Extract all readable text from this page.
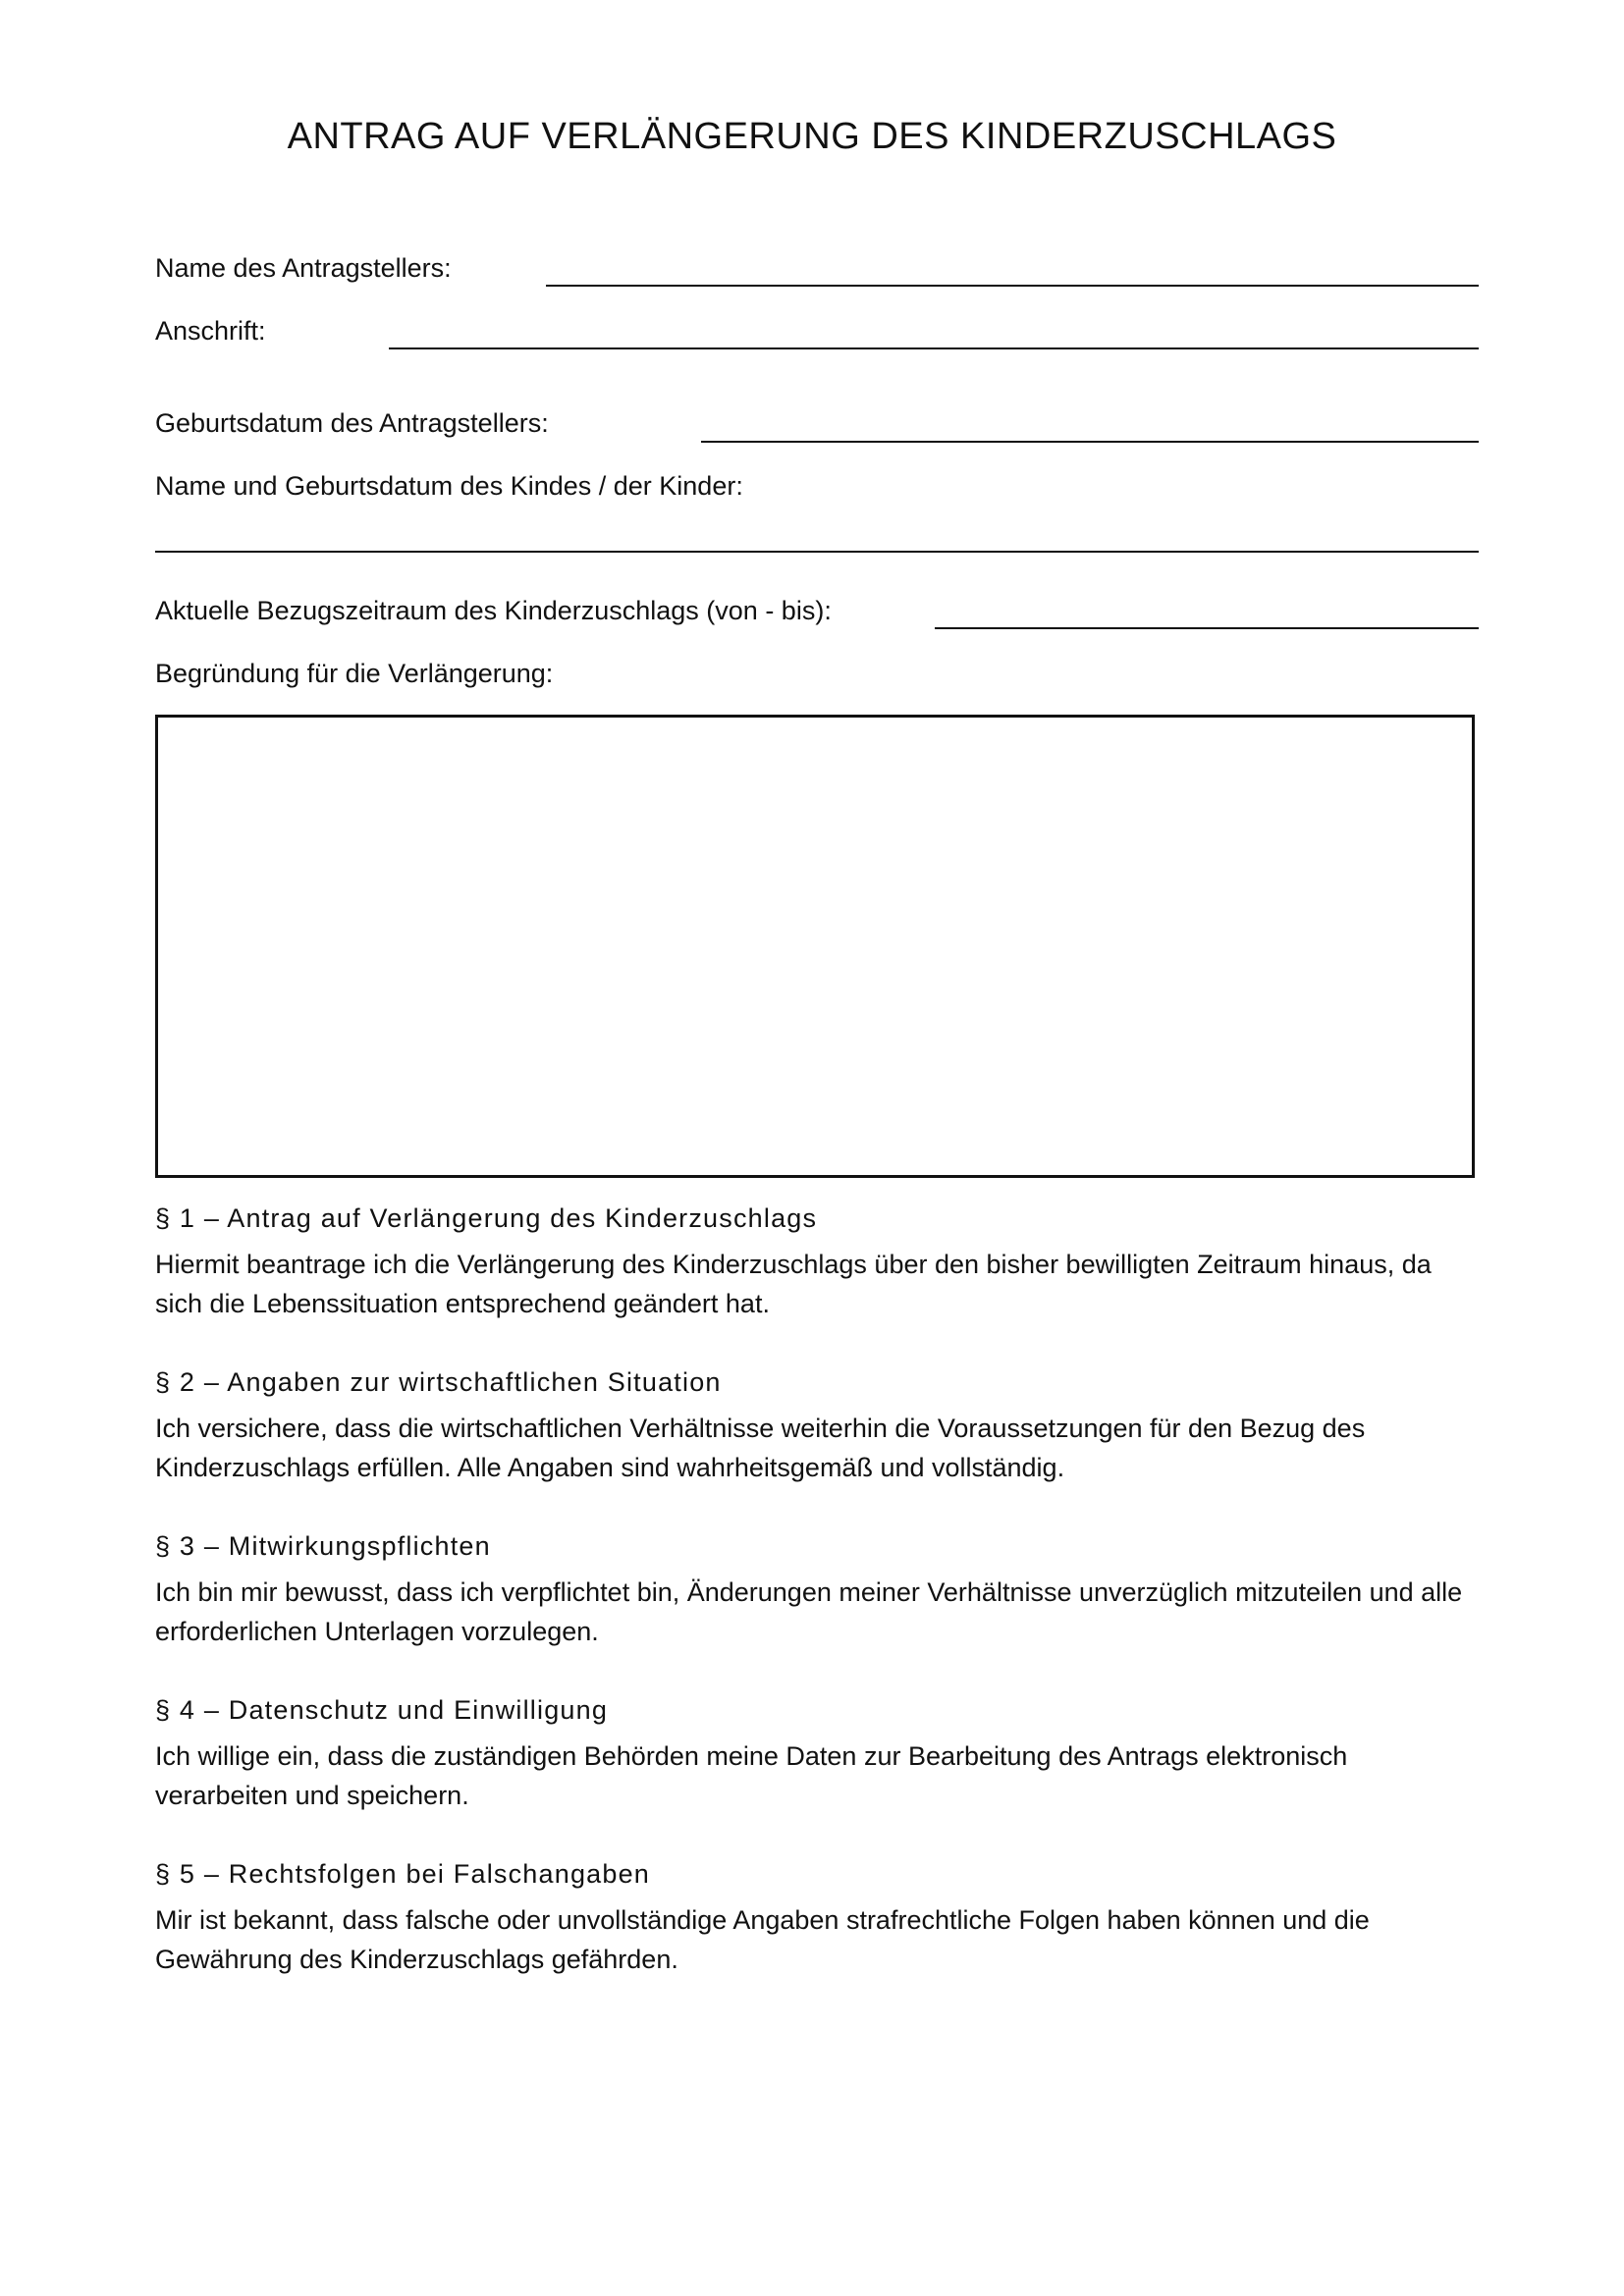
ANTRAG AUF VERLÄNGERUNG DES KINDERZUSCHLAGS
Name des Antragstellers:
Anschrift:
Geburtsdatum des Antragstellers:
Name und Geburtsdatum des Kindes / der Kinder:
Aktuelle Bezugszeitraum des Kinderzuschlags (von - bis):
Begründung für die Verlängerung:
§ 1 – Antrag auf Verlängerung des Kinderzuschlags
Hiermit beantrage ich die Verlängerung des Kinderzuschlags über den bisher bewilligten Zeitraum hinaus, da sich die Lebenssituation entsprechend geändert hat.
§ 2 – Angaben zur wirtschaftlichen Situation
Ich versichere, dass die wirtschaftlichen Verhältnisse weiterhin die Voraussetzungen für den Bezug des Kinderzuschlags erfüllen. Alle Angaben sind wahrheitsgemäß und vollständig.
§ 3 – Mitwirkungspflichten
Ich bin mir bewusst, dass ich verpflichtet bin, Änderungen meiner Verhältnisse unverzüglich mitzuteilen und alle erforderlichen Unterlagen vorzulegen.
§ 4 – Datenschutz und Einwilligung
Ich willige ein, dass die zuständigen Behörden meine Daten zur Bearbeitung des Antrags elektronisch verarbeiten und speichern.
§ 5 – Rechtsfolgen bei Falschangaben
Mir ist bekannt, dass falsche oder unvollständige Angaben strafrechtliche Folgen haben können und die Gewährung des Kinderzuschlags gefährden.
